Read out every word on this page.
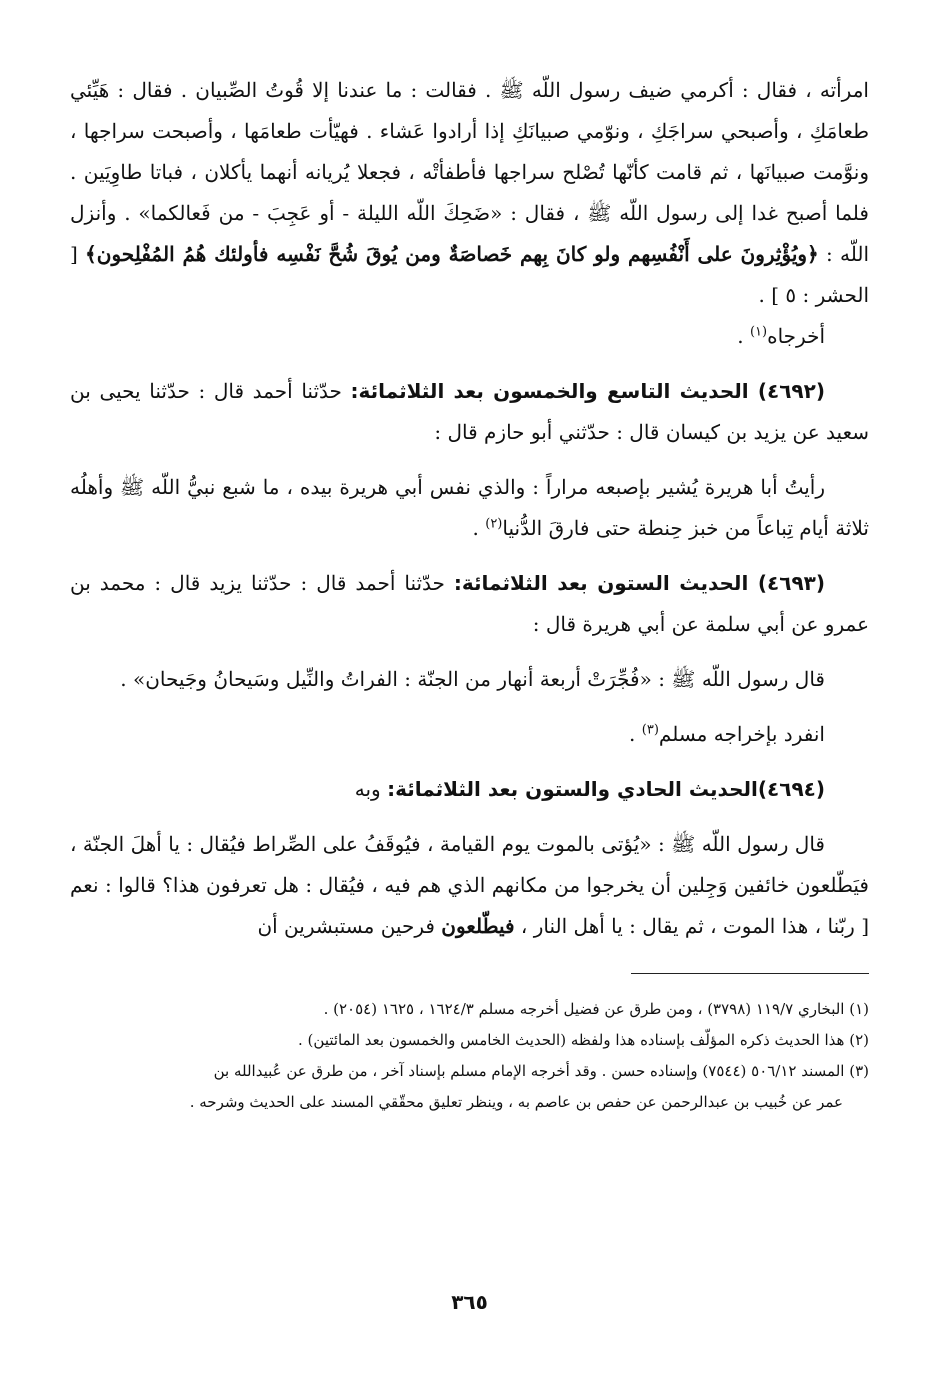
امرأته ، فقال : أكرمي ضيف رسول اللّه ﷺ . فقالت : ما عندنا إلا قُوتُ الصِّبيان . فقال : هَيِّئي طعامَكِ ، وأصبحي سراجَكِ ، ونوّمي صبيانَكِ إذا أرادوا عَشاء . فهيّأت طعامَها ، وأصبحت سراجها ، ونوَّمت صبيانَها ، ثم قامت كأنّها تُصْلح سراجها فأطفأتْه ، فجعلا يُريانه أنهما يأكلان ، فباتا طاوِيَين . فلما أصبح غدا إلى رسول اللّه ﷺ ، فقال : «ضَحِكَ اللّه الليلة - أو عَجِبَ - من فَعالكما» . وأنزل اللّه : ﴿ويُؤْثِرونَ على أَنْفُسِهم ولو كانَ بِهم خَصاصَةٌ ومن يُوقَ شُحَّ نَفْسِه فأولئك هُمُ المُفْلِحون﴾ [ الحشر : ٥ ] .

أخرجاه$^{(١)}$ .

(٤٦٩٢) الحديث التاسع والخمسون بعد الثلاثمائة: حدّثنا أحمد قال : حدّثنا يحيى بن سعيد عن يزيد بن كيسان قال : حدّثني أبو حازم قال :

رأيتُ أبا هريرة يُشير بإصبعه مراراً : والذي نفس أبي هريرة بيده ، ما شبع نبيُّ اللّه ﷺ وأهلُه ثلاثة أيام تِباعاً من خبز حِنطة حتى فارقَ الدُّنيا$^{(٢)}$ .

(٤٦٩٣) الحديث الستون بعد الثلاثمائة: حدّثنا أحمد قال : حدّثنا يزيد قال : محمد بن عمرو عن أبي سلمة عن أبي هريرة قال :

قال رسول اللّه ﷺ : «فُجِّرَتْ أربعة أنهار من الجنّة : الفراتُ والنِّيل وسَيحانُ وجَيحان» .

انفرد بإخراجه مسلم$^{(٣)}$ .

(٤٦٩٤)الحديث الحادي والستون بعد الثلاثمائة: وبه

قال رسول اللّه ﷺ : «يُؤتى بالموت يوم القيامة ، فيُوقَفُ على الصِّراط فيُقال : يا أهلَ الجنّة ، فيَطّلعون خائفين وَجِلين أن يخرجوا من مكانهم الذي هم فيه ، فيُقال : هل تعرفون هذا؟ قالوا : نعم [ ربّنا ، هذا الموت ، ثم يقال : يا أهل النار ، فيطّلعون فرحين مستبشرين أن

(١) البخاري ١١٩/٧ (٣٧٩٨) ، ومن طرق عن فضيل أخرجه مسلم ١٦٢٤/٣ ، ١٦٢٥ (٢٠٥٤) .

(٢) هذا الحديث ذكره المؤلّف بإسناده هذا ولفظه (الحديث الخامس والخمسون بعد المائتين) .

(٣) المسند ٥٠٦/١٢ (٧٥٤٤) وإسناده حسن . وقد أخرجه الإمام مسلم بإسناد آخر ، من طرق عن عُبيدالله بن

عمر عن خُبيب بن عبدالرحمن عن حفص بن عاصم به ، وينظر تعليق محقّقي المسند على الحديث وشرحه .

٣٦٥
